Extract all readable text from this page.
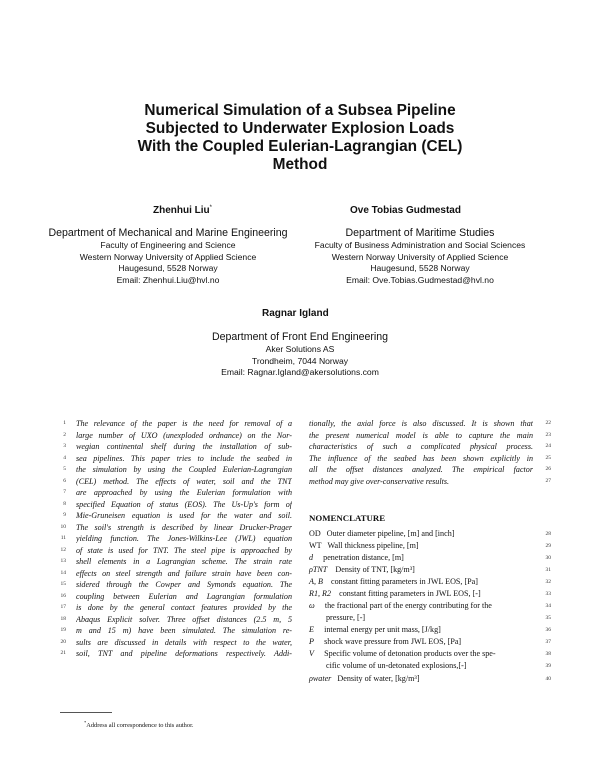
Numerical Simulation of a Subsea Pipeline
Subjected to Underwater Explosion Loads
With the Coupled Eulerian-Lagrangian (CEL)
Method
Zhenhui Liu*
Department of Mechanical and Marine Engineering
Faculty of Engineering and Science
Western Norway University of Applied Science
Haugesund, 5528 Norway
Email: Zhenhui.Liu@hvl.no
Ove Tobias Gudmestad
Department of Maritime Studies
Faculty of Business Administration and Social Sciences
Western Norway University of Applied Science
Haugesund, 5528 Norway
Email: Ove.Tobias.Gudmestad@hvl.no
Ragnar Igland
Department of Front End Engineering
Aker Solutions AS
Trondheim, 7044 Norway
Email: Ragnar.Igland@akersolutions.com
The relevance of the paper is the need for removal of a
large number of UXO (unexploded ordnance) on the Nor-
wegian continental shelf during the installation of sub-
sea pipelines. This paper tries to include the seabed in
the simulation by using the Coupled Eulerian-Lagrangian
(CEL) method. The effects of water, soil and the TNT
are approached by using the Eulerian formulation with
specified Equation of status (EOS). The Us-Up's form of
Mie-Gruneisen equation is used for the water and soil.
The soil's strength is described by linear Drucker-Prager
yielding function. The Jones-Wilkins-Lee (JWL) equation
of state is used for TNT. The steel pipe is approached by
shell elements in a Lagrangian scheme. The strain rate
effects on steel strength and failure strain have been con-
sidered through the Cowper and Symonds equation. The
coupling between Eulerian and Lagrangian formulation
is done by the general contact features provided by the
Abaqus Explicit solver. Three offset distances (2.5 m, 5
m and 15 m) have been simulated. The simulation re-
sults are discussed in details with respect to the water,
soil, TNT and pipeline deformations respectively. Addi-
tionally, the axial force is also discussed. It is shown that
the present numerical model is able to capture the main
characteristics of such a complicated physical process.
The influence of the seabed has been shown explicitly in
all the offset distances analyzed. The empirical factor
method may give over-conservative results.
1
2
3
4
5
6
7
8
9
10
11
12
13
14
15
16
17
18
19
20
21
22
23
24
25
26
27
NOMENCLATURE
OD Outer diameter pipeline, [m] and [inch]
WT Wall thickness pipeline, [m]
d penetration distance, [m]
ρTNT Density of TNT, [kg/m³]
A, B constant fitting parameters in JWL EOS, [Pa]
R1, R2 constant fitting parameters in JWL EOS, [-]
ω the fractional part of the energy contributing for the
pressure, [-]
E internal energy per unit mass, [J/kg]
P shock wave pressure from JWL EOS, [Pa]
V Specific volume of detonation products over the spe-
cific volume of un-detonated explosions,[-]
ρwater Density of water, [kg/m³]
28
29
30
31
32
33
34
35
36
37
38
39
40
*Address all correspondence to this author.
